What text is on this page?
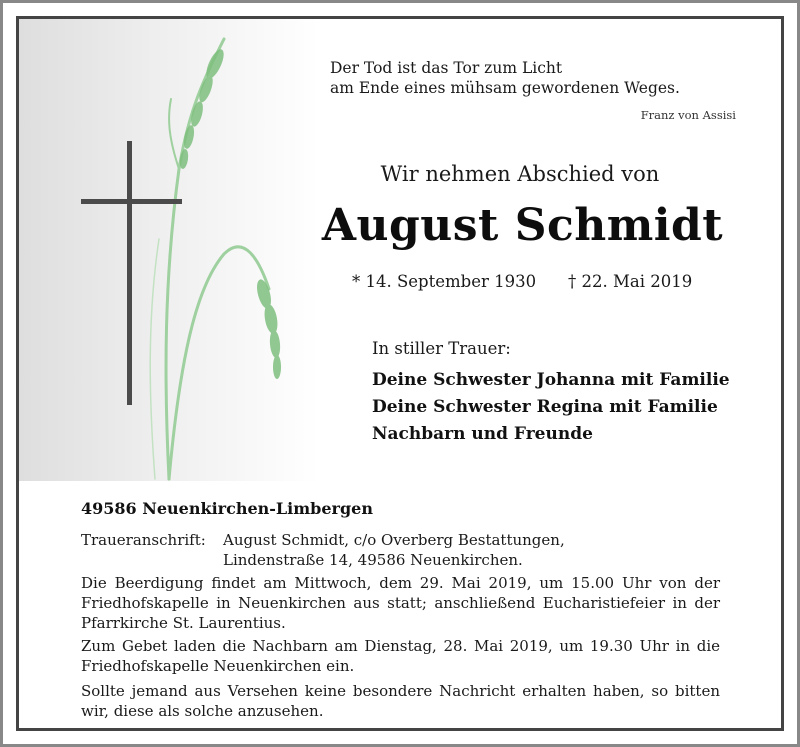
Der Tod ist das Tor zum Licht
am Ende eines mühsam gewordenen Weges.
Franz von Assisi
Wir nehmen Abschied von
August Schmidt
* 14. September 1930 † 22. Mai 2019
In stiller Trauer:
Deine Schwester Johanna mit Familie
Deine Schwester Regina mit Familie
Nachbarn und Freunde
49586 Neuenkirchen-Limbergen
Traueranschrift: August Schmidt, c/o Overberg Bestattungen,
Lindenstraße 14, 49586 Neuenkirchen.
Die Beerdigung findet am Mittwoch, dem 29. Mai 2019, um 15.00 Uhr von der Friedhofskapelle in Neuenkirchen aus statt; anschließend Eucharistiefeier in der Pfarrkirche St. Laurentius.
Zum Gebet laden die Nachbarn am Dienstag, 28. Mai 2019, um 19.30 Uhr in die Friedhofskapelle Neuenkirchen ein.
Sollte jemand aus Versehen keine besondere Nachricht erhalten haben, so bitten wir, diese als solche anzusehen.
